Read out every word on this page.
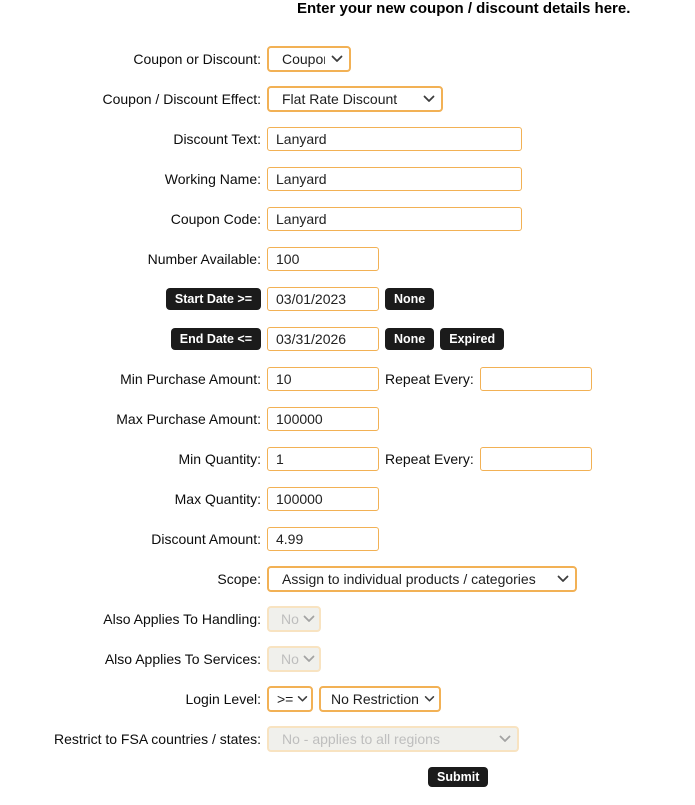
Enter your new coupon / discount details here.
Coupon or Discount:
Coupon
Coupon / Discount Effect:
Flat Rate Discount
Discount Text:
Lanyard
Working Name:
Lanyard
Coupon Code:
Lanyard
Number Available:
100
Start Date >=
03/01/2023	None
End Date <=
03/31/2026	None	Expired
Min Purchase Amount:
10	Repeat Every:
Max Purchase Amount:
100000
Min Quantity:
1	Repeat Every:
Max Quantity:
100000
Discount Amount:
4.99
Scope:
Assign to individual products / categories
Also Applies To Handling:
No
Also Applies To Services:
No
Login Level:
>=
No Restriction
Restrict to FSA countries / states:
No - applies to all regions
Submit
